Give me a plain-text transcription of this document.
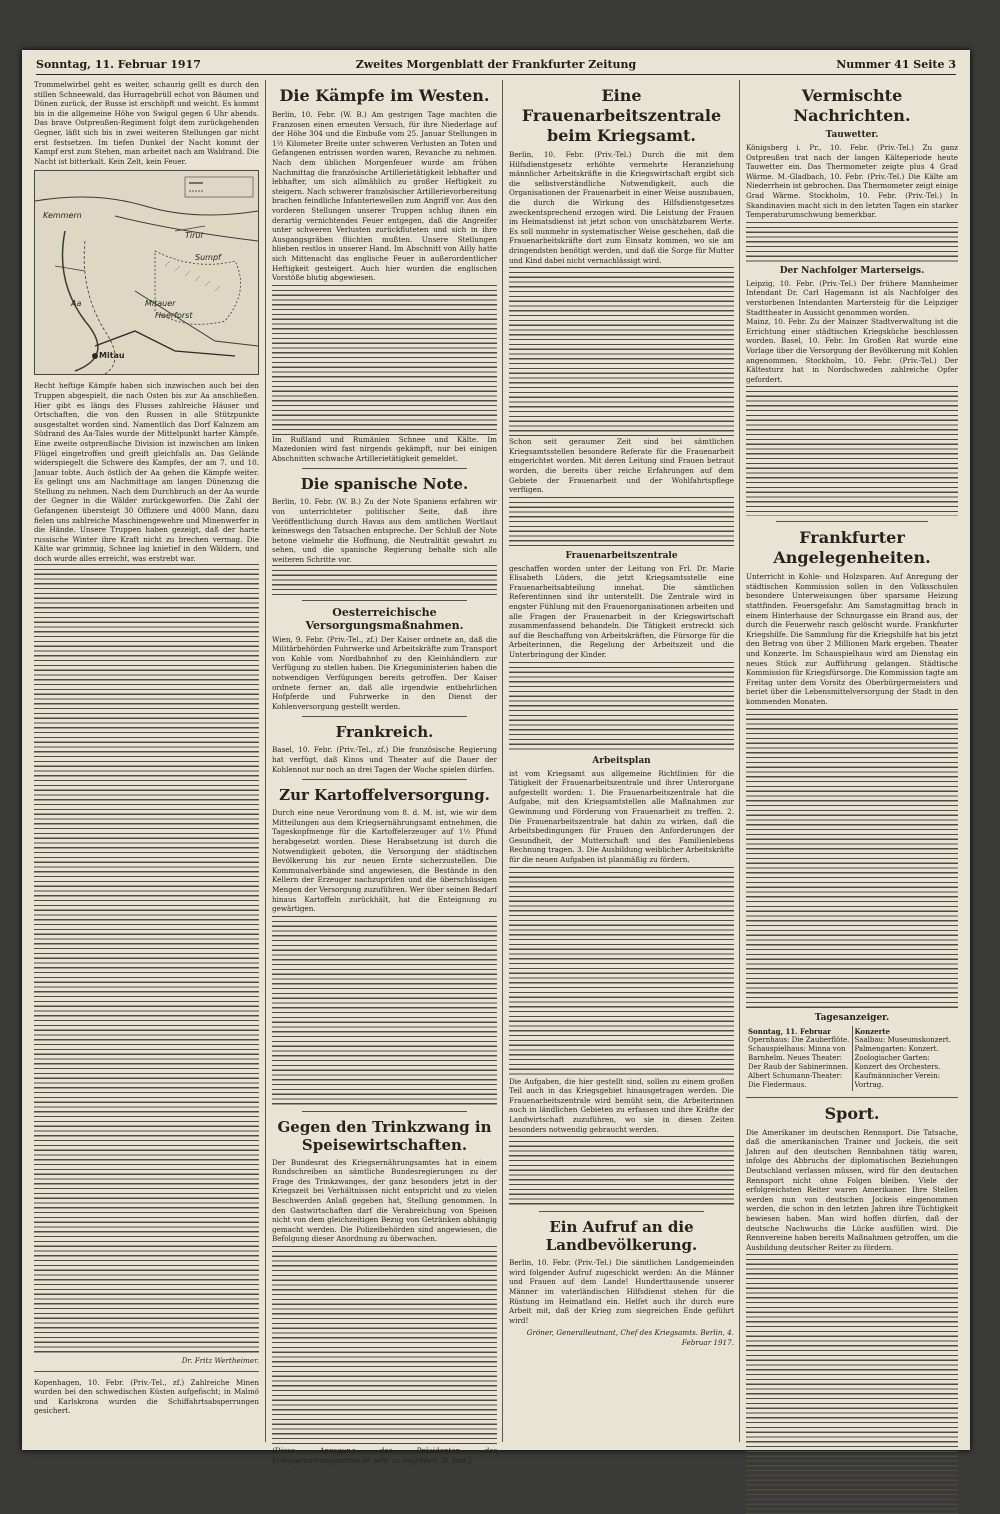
Sonntag, 11. Februar 1917	Zweites Morgenblatt der Frankfurter Zeitung	Nummer 41 Seite 3
Trommelwirbel geht es weiter, schaurig gellt es durch den stillen Schneewald, das Hurragebrüll echot von Bäumen und Dünen zurück, der Russe ist erschöpft und weicht. Es kommt bis in die allgemeine Höhe von Swigul gegen 6 Uhr abends. Das brave Ostpreußen-Regiment folgt dem zurückgehenden Gegner, läßt sich bis in zwei weiteren Stellungen gar nicht erst festsetzen. Im tiefen Dunkel der Nacht kommt der Kampf erst zum Stehen, man arbeitet nach am Waldrand. Die Nacht ist bitterkalt. Kein Zelt, kein Feuer.
Tirul
Sumpf
Mitau
Kemmern
Aa	Mitauer
Heerforst
Recht heftige Kämpfe haben sich inzwischen auch bei den Truppen abgespielt, die nach Osten bis zur Aa anschließen. Hier gibt es längs des Flusses zahlreiche Häuser und Ortschaften, die von den Russen in alle Stützpunkte ausgestaltet worden sind. Namentlich das Dorf Kalnzem am Südrand des Aa-Tales wurde der Mittelpunkt harter Kämpfe. Eine zweite ostpreußische Division ist inzwischen am linken Flügel eingetroffen und greift gleichfalls an. Das Gelände widerspiegelt die Schwere des Kampfes, der am 7. und 10. Januar tobte. Auch östlich der Aa gehen die Kämpfe weiter. Es gelingt uns am Nachmittage am langen Dünenzug die Stellung zu nehmen. Nach dem Durchbruch an der Aa wurde der Gegner in die Wälder zurückgeworfen. Die Zahl der Gefangenen übersteigt 30 Offiziere und 4000 Mann, dazu fielen uns zahlreiche Maschinengewehre und Minenwerfer in die Hände. Unsere Truppen haben gezeigt, daß der harte russische Winter ihre Kraft nicht zu brechen vermag. Die Kälte war grimmig, Schnee lag knietief in den Wäldern, und doch wurde alles erreicht, was erstrebt war.
Dr. Fritz Wertheimer.
Kopenhagen, 10. Febr. (Priv.-Tel., zf.) Zahlreiche Minen wurden bei den schwedischen Küsten aufgefischt; in Malmö und Karlskrona wurden die Schiffahrtsabsperrungen gesichert.
Die Kämpfe im Westen.
Berlin, 10. Febr. (W. B.) Am gestrigen Tage machten die Franzosen einen erneuten Versuch, für ihre Niederlage auf der Höhe 304 und die Einbuße vom 25. Januar Stellungen in 1½ Kilometer Breite unter schweren Verlusten an Toten und Gefangenen entrissen worden waren, Revanche zu nehmen. Nach dem üblichen Morgenfeuer wurde am frühen Nachmittag die französische Artillerietätigkeit lebhafter und lebhafter, um sich allmählich zu großer Heftigkeit zu steigern. Nach schwerer französischer Artillerievorbereitung brachen feindliche Infanteriewellen zum Angriff vor. Aus den vorderen Stellungen unserer Truppen schlug ihnen ein derartig vernichtendes Feuer entgegen, daß die Angreifer unter schweren Verlusten zurückfluteten und sich in ihre Ausgangsgräben flüchten mußten. Unsere Stellungen blieben restlos in unserer Hand. Im Abschnitt von Ailly hatte sich Mittenacht das englische Feuer in außerordentlicher Heftigkeit gesteigert. Auch hier wurden die englischen Vorstöße blutig abgewiesen.
Im Rußland und Rumänien Schnee und Kälte. Im Mazedonien wird fast nirgends gekämpft, nur bei einigen Abschnitten schwache Artillerietätigkeit gemeldet.
Die spanische Note.
Berlin, 10. Febr. (W. B.) Zu der Note Spaniens erfahren wir von unterrichteter politischer Seite, daß ihre Veröffentlichung durch Havas aus dem amtlichen Wortlaut keineswegs den Tatsachen entspreche. Der Schluß der Note betone vielmehr die Hoffnung, die Neutralität gewahrt zu sehen, und die spanische Regierung behalte sich alle weiteren Schritte vor.
Oesterreichische Versorgungsmaßnahmen.
Wien, 9. Febr. (Priv.-Tel., zf.) Der Kaiser ordnete an, daß die Militärbehörden Fuhrwerke und Arbeitskräfte zum Transport von Kohle vom Nordbahnhof zu den Kleinhändlern zur Verfügung zu stellen haben. Die Kriegsministerien haben die notwendigen Verfügungen bereits getroffen. Der Kaiser ordnete ferner an, daß alle irgendwie entbehrlichen Hofpferde und Fuhrwerke in den Dienst der Kohlenversorgung gestellt werden.
Frankreich.
Basel, 10. Febr. (Priv.-Tel., zf.) Die französische Regierung hat verfügt, daß Kinos und Theater auf die Dauer der Kohlennot nur noch an drei Tagen der Woche spielen dürfen.
Zur Kartoffelversorgung.
Durch eine neue Verordnung vom 8. d. M. ist, wie wir dem Mitteilungen aus dem Kriegsernährungsamt entnehmen, die Tageskopfmenge für die Kartoffelerzeuger auf 1½ Pfund herabgesetzt worden. Diese Herabsetzung ist durch die Notwendigkeit geboten, die Versorgung der städtischen Bevölkerung bis zur neuen Ernte sicherzustellen. Die Kommunalverbände sind angewiesen, die Bestände in den Kellern der Erzeuger nachzuprüfen und die überschüssigen Mengen der Versorgung zuzuführen. Wer über seinen Bedarf hinaus Kartoffeln zurückhält, hat die Enteignung zu gewärtigen.
Gegen den Trinkzwang in Speisewirtschaften.
Der Bundesrat des Kriegsernährungsamtes hat in einem Rundschreiben an sämtliche Bundesregierungen zu der Frage des Trinkzwanges, der ganz besonders jetzt in der Kriegszeit bei Verhältnissen nicht entspricht und zu vielen Beschwerden Anlaß gegeben hat, Stellung genommen. In den Gastwirtschaften darf die Verabreichung von Speisen nicht von dem gleichzeitigen Bezug von Getränken abhängig gemacht werden. Die Polizeibehörden sind angewiesen, die Befolgung dieser Anordnung zu überwachen.
(Diese Anregung des Präsidenten des Kriegsernährungsamtes ist sehr zu begrüßen. D. Red.)
Eine Frauenarbeitszentrale beim Kriegsamt.
Berlin, 10. Febr. (Priv.-Tel.) Durch die mit dem Hilfsdienstgesetz erhöhte vermehrte Heranziehung männlicher Arbeitskräfte in die Kriegswirtschaft ergibt sich die selbstverständliche Notwendigkeit, auch die Organisationen der Frauenarbeit in einer Weise auszubauen, die durch die Wirkung des Hilfsdienstgesetzes zweckentsprechend erzogen wird. Die Leistung der Frauen im Heimatsdienst ist jetzt schon von unschätzbarem Werte. Es soll nunmehr in systematischer Weise geschehen, daß die Frauenarbeitskräfte dort zum Einsatz kommen, wo sie am dringendsten benötigt werden, und daß die Sorge für Mutter und Kind dabei nicht vernachlässigt wird.
Schon seit geraumer Zeit sind bei sämtlichen Kriegsamtsstellen besondere Referate für die Frauenarbeit eingerichtet worden. Mit deren Leitung sind Frauen betraut worden, die bereits über reiche Erfahrungen auf dem Gebiete der Frauenarbeit und der Wohlfahrtspflege verfügen.
Frauenarbeitszentrale
geschaffen worden unter der Leitung von Frl. Dr. Marie Elisabeth Lüders, die jetzt Kriegsamtsstelle eine Frauenarbeitsabteilung innehat. Die sämtlichen Referentinnen sind ihr unterstellt. Die Zentrale wird in engster Fühlung mit den Frauenorganisationen arbeiten und alle Fragen der Frauenarbeit in der Kriegswirtschaft zusammenfassend behandeln. Die Tätigkeit erstreckt sich auf die Beschaffung von Arbeitskräften, die Fürsorge für die Arbeiterinnen, die Regelung der Arbeitszeit und die Unterbringung der Kinder.
Arbeitsplan
ist vom Kriegsamt aus allgemeine Richtlinien für die Tätigkeit der Frauenarbeitszentrale und ihrer Unterorgane aufgestellt worden: 1. Die Frauenarbeitszentrale hat die Aufgabe, mit den Kriegsamtstellen alle Maßnahmen zur Gewinnung und Förderung von Frauenarbeit zu treffen. 2. Die Frauenarbeitszentrale hat dahin zu wirken, daß die Arbeitsbedingungen für Frauen den Anforderungen der Gesundheit, der Mutterschaft und des Familienlebens Rechnung tragen. 3. Die Ausbildung weiblicher Arbeitskräfte für die neuen Aufgaben ist planmäßig zu fördern.
Die Aufgaben, die hier gestellt sind, sollen zu einem großen Teil auch in das Kriegsgebiet hinausgetragen werden. Die Frauenarbeitszentrale wird bemüht sein, die Arbeiterinnen auch in ländlichen Gebieten zu erfassen und ihre Kräfte der Landwirtschaft zuzuführen, wo sie in diesen Zeiten besonders notwendig gebraucht werden.
Ein Aufruf an die Landbevölkerung.
Berlin, 10. Febr. (Priv.-Tel.) Die sämtlichen Landgemeinden wird folgender Aufruf zugeschickt werden: An die Männer und Frauen auf dem Lande! Hunderttausende unserer Männer im vaterländischen Hilfsdienst stehen für die Rüstung im Heimatland ein. Helfet auch ihr durch eure Arbeit mit, daß der Krieg zum siegreichen Ende geführt wird!
Gröner, Generalleutnant, Chef des Kriegsamts. Berlin, 4. Februar 1917.
Vermischte Nachrichten.
Tauwetter.
Königsberg i. Pr., 10. Febr. (Priv.-Tel.) Zu ganz Ostpreußen trat nach der langen Kälteperiode heute Tauwetter ein. Das Thermometer zeigte plus 4 Grad Wärme. M.-Gladbach, 10. Febr. (Priv.-Tel.) Die Kälte am Niederrhein ist gebrochen. Das Thermometer zeigt einige Grad Wärme. Stockholm, 10. Febr. (Priv.-Tel.) In Skandinavien macht sich in den letzten Tagen ein starker Temperaturumschwung bemerkbar.
Der Nachfolger Marterseigs.
Leipzig, 10. Febr. (Priv.-Tel.) Der frühere Mannheimer Intendant Dr. Carl Hagemann ist als Nachfolger des verstorbenen Intendanten Martersteig für die Leipziger Stadttheater in Aussicht genommen worden.
Mainz, 10. Febr. Zu der Mainzer Stadtverwaltung ist die Errichtung einer städtischen Kriegsküche beschlossen worden. Basel, 10. Febr. Im Großen Rat wurde eine Vorlage über die Versorgung der Bevölkerung mit Kohlen angenommen. Stockholm, 10. Febr. (Priv.-Tel.) Der Kältesturz hat in Nordschweden zahlreiche Opfer gefordert.
Frankfurter Angelegenheiten.
Unterricht in Kohle- und Holzsparen. Auf Anregung der städtischen Kommission sollen in den Volksschulen besondere Unterweisungen über sparsame Heizung stattfinden. Feuersgefahr. Am Samstagmittag brach in einem Hinterhause der Schnurgasse ein Brand aus, der durch die Feuerwehr rasch gelöscht wurde. Frankfurter Kriegshilfe. Die Sammlung für die Kriegshilfe hat bis jetzt den Betrag von über 2 Millionen Mark ergeben. Theater und Konzerte. Im Schauspielhaus wird am Dienstag ein neues Stück zur Aufführung gelangen. Städtische Kommission für Kriegsfürsorge. Die Kommission tagte am Freitag unter dem Vorsitz des Oberbürgermeisters und beriet über die Lebensmittelversorgung der Stadt in den kommenden Monaten.
Tagesanzeiger.
Sonntag, 11. Februar
Opernhaus: Die Zauberflöte. Schauspielhaus: Minna von Barnhelm. Neues Theater: Der Raub der Sabinerinnen. Albert Schumann-Theater: Die Fledermaus.

Konzerte
Saalbau: Museumskonzert. Palmengarten: Konzert. Zoologischer Garten: Konzert des Orchesters. Kaufmännischer Verein: Vortrag.
Sport.
Die Amerikaner im deutschen Rennsport. Die Tatsache, daß die amerikanischen Trainer und Jockeis, die seit Jahren auf den deutschen Rennbahnen tätig waren, infolge des Abbruchs der diplomatischen Beziehungen Deutschland verlassen müssen, wird für den deutschen Rennsport nicht ohne Folgen bleiben. Viele der erfolgreichsten Reiter waren Amerikaner. Ihre Stellen werden nun von deutschen Jockeis eingenommen werden, die schon in den letzten Jahren ihre Tüchtigkeit bewiesen haben. Man wird hoffen dürfen, daß der deutsche Nachwuchs die Lücke ausfüllen wird. Die Rennvereine haben bereits Maßnahmen getroffen, um die Ausbildung deutscher Reiter zu fördern.
